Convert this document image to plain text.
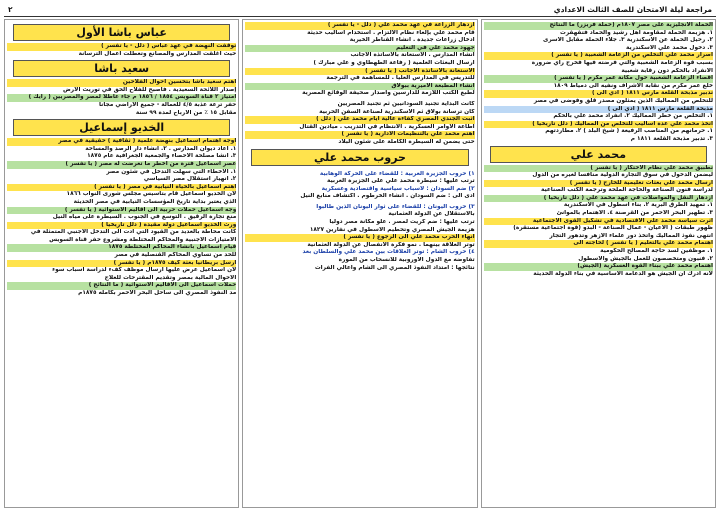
مراجعة ليلة الامتحان للصف الثالث الاعدادي
٢
الحملة الانجليزية على مصر ١٨٠٧م (حملة فريزر) ما النتائج
١. هزيمة الحملة لمقاومة أهل رشيد والحماد فتقهقرت
٢. رحيل الحملة عن الاسكندرية ٣. جلاء الحملة مقابل الأسرى
٣. دخول محمد علي الاسكندرية
اصرار محمد علي التخلص من الزعامة الشعبية ( يا تفسر )
بسبب قوة الزعامة الشعبية والتي فرضته فيها فخرج رأي ضرورة
الانفراد بالحكم دون رقابة شعبية
اقصاء الزعامة الشعبية حول مكانة عمر مكرم ( يا تفسر )
خلع عمر مكرم من نقابة الأشراف ونفيه الى دمياط ١٨٠٩
تدبير مذبحة القلعة مارس ١٨١١ ( ادي الى )
للتخلص من المماليك الذين يمثلون مصدر قلق وفوضى في مصر
مذبحة القلعة مارس ١٨١١ ( أدي الى )
١. التخلص من خطر المماليك ٢. انفراد محمد علي بالحكم
اتخذ محمد علي عدة أساليب للتخلص من المماليك ( دلل تاريخيا )
١. حرمانهم من المناصب الرفيعة ( شيخ البلد ) ٢. مطاردتهم
٣. تدبير مذبحة القلعة ١٨١١ م
محمد علي
تطبيق محمد علي نظام الاحتكار ( يا تفسر )
ليضمن الدخول في سوق التجارة الدولية منافسا لغيره من الدول
ارسال محمد علي بعثات تعليمية للخارج ( يا تفسر )
لدراسة فنون الصناعة والحاجة الملحة وترجمة الكتب الصناعية
ازدهار النقل والمواصلات في عهد محمد علي ( دلل تاريخيا )
١. تمهيد الطرق البرية ٢. بناء أسطول في الاسكندرية
٣. تطهير البحر الاحمر من القرصنة ٤. الاهتمام بالموانئ
أثرت سياسة محمد علي الاقتصادية في تشكيل القوى الاجتماعية
ظهور طبقات ( الاعيان - عمال الصناعة - البدو (قوة اجتماعية مستقرة)
انتهى نفوذ المماليك واتخذ دور علماء الازهر وتدهور التجار
اهتمام محمد علي بالتعليم ( يا تفسر ) لحاجته الى
١. موظفين لسد حاجة المصالح الحكومية
٢. فنيون ومتخصصون للعمل بالجيش والأسطول
اهتمام محمد علي ببناء القوة العسكرية (الجيش)
لأنه أدرك أن الجيش هو الدعامة الأساسية في بناء الدولة الحديثة
ازدهار الزراعة في عهد محمد علي ( دلل - يا تفسر )
قام محمد علي بإلغاء نظام الالتزام . استخدام أساليب حديثة
ادخال زراعات جديدة . انشاء القناطر الخيرية
جهود محمد علي في التعليم
انشاء المدارس . الاستعانة بالأساتذة الأجانب
ارسال البعثات العلمية ( رفاعة الطهطاوي و علي مبارك )
الاستعانة بالأساتذة الأجانب ( يا تفسر )
للتدريس في المدارس العليا . للمساهمة في الترجمة
انشاء المطبعة الأميرية ببولاق
لطبع الكتب اللازمة للدارسين واصدار صحيفة الوقائع المصرية
كانت البداية تجنيد السودانيين ثم تجنيد المصريين
كان ترسانة بولاق ثم الاسكندرية لصناعة السفن الحربية
أثبت الجندي المصري كفاءة عالية أيام محمد علي ( دلل )
اطاعة الأوامر العسكرية . الانتظام في التدريب . ميادين القتال
اهتم محمد علي بالتنظيمات الادارية ( يا تفسر )
حتى يضمن له السيطرة الكاملة على شئون البلاد
حروب محمد علي
١) حروب الجزيرة العربية : للقضاء على الحركة الوهابية
ترتب عليها : سيطرة محمد علي على الجزيرة العربية
٢) ضم السودان : لأسباب سياسية واقتصادية وعسكرية
ادى الى : ضم السودان . انشاء الخرطوم . اكتشاف منابع النيل
٣) حروب اليونان : للقضاء على ثوار اليونان الذين طالبوا
بالاستقلال عن الدولة العثمانية
ترتب عليها : ضم كريت لمصر . علو مكانة مصر دوليا
هزيمة الجيش المصري وتحطيم الأسطول في نفارين ١٨٢٧
انهاء الحرب محمد علي الى الرجوع ( يا تفسر )
توتر العلاقة بينهما . نمو فكرة الانفصال عن الدولة العثمانية
٤) حروب الشام : توتر العلاقات بين محمد علي والسلطان بعد
تفاوضه مع الدول الأوروبية للانسحاب من المورة
نتائجها : امتداد النفوذ المصري الى الشام وأعالي الفرات
عباس باشا الأول
توقفت النهضة في عهد عباس ( دلل - يا تفسر )
حيث أغلقت المدارس والمصانع وتعطلت أعمال الترسانة
سعيد باشا
اهتم سعيد باشا بتحسين أحوال الفلاحين
إصدار اللائحة السعيدية . فأصبح للفلاح الحق في توريث الأرض
امتياز ٢ قناة السويس ١٨٥٤ / ١٨٥٦ م جاء عاطلا لمصر والمصريين ( رأيك )
حفر ترعة عذبة ٤/٥ للعمالة - جميع الاراضي مجانا
مقابل ١٥ ٪ من الارباح لمدة ٩٩ سنة
الخديو إسماعيل
أوجه اهتمام اسماعيل بنهضة علمية ( ثقافية ) حقيقية في مصر
١. أعاد ديوان المدارس . ٢. انشاء دار الرصد والمساحة
٣. أنشأ مصلحة الاحصاء والجمعية الجغرافية عام ١٨٧٥
عصر اسماعيل فترة من أخطر ما تعرضت له مصر ( يا تفسر )
١. الأخطاء التي سهلت التدخل في شئون مصر
٢. انهيار استقلال مصر السياسي
اهتم اسماعيل بالحياة النيابية في مصر ( يا تفسر )
لان الخديو اسماعيل قام بتأسيس مجلس شورى النواب ١٨٦٦
الذي يعتبر بداية تاريخ المؤسسات النيابية في مصر الحديثة
وجه اسماعيل حملات حربية الى أقاليم الاستوائية ( يا تفسر )
منع تجارة الرقيق . التوسع في الجنوب . السيطرة على مياه النيل
ورث الخديو اسماعيل دولة مقيدة ( دلل تاريخيا )
كانت محاطة بالعديد من القيود التي أدت الى التدخل الأجنبي المتمثلة في
الامتيازات الأجنبية والمحاكم المختلطة ومشروع حفر قناة السويس
قيام اسماعيل بانشاء المحاكم المختلطة ١٨٧٥
للحد من تساوي المحاكم القنصلية في مصر
ارسل بريطانيا بعثة كيف ١٨٧٥م ( يا تفسر )
لان اسماعيل عرض عليها ارسال موظف كفء لدراسة أسباب سوء
الأحوال المالية بمصر وتقديم المقترحات للعلاج
حملات اسماعيل الى الأقاليم الاستوائية ( ما النتائج )
مد النفوذ المصري الى ساحل البحر الأحمر بكامله ١٨٧٥م
